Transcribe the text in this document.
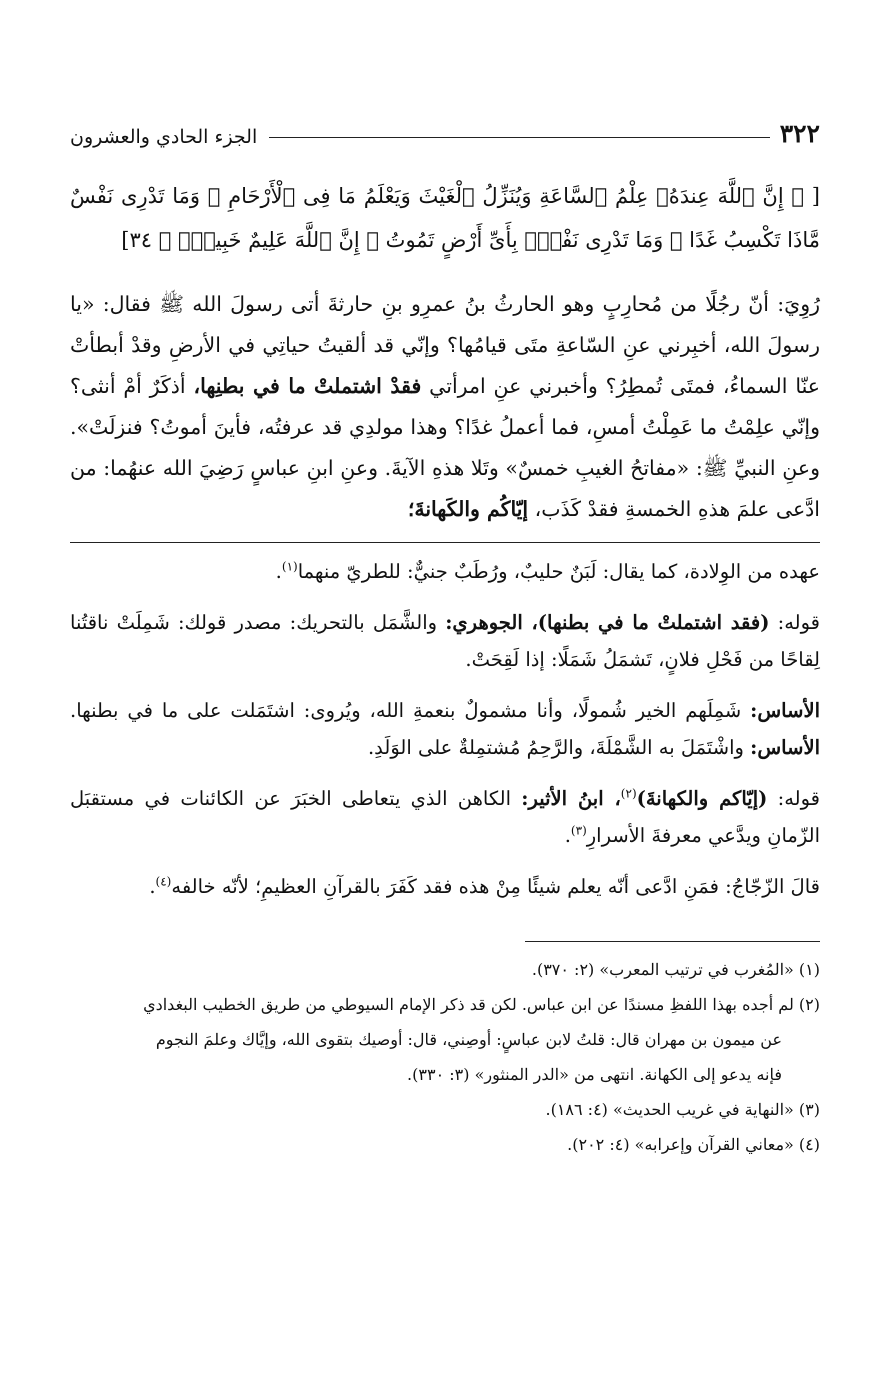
٣٢٢
الجزء الحادي والعشرون
[ ﴿ إِنَّ ٱللَّهَ عِندَهُۥ عِلْمُ ٱلسَّاعَةِ وَيُنَزِّلُ ٱلْغَيْثَ وَيَعْلَمُ مَا فِى ٱلْأَرْحَامِ ۖ وَمَا تَدْرِى نَفْسٌ مَّاذَا تَكْسِبُ غَدًا ۖ وَمَا تَدْرِى نَفْسٌۢ بِأَىِّ أَرْضٍ تَمُوتُ ۚ إِنَّ ٱللَّهَ عَلِيمٌ خَبِيرٌۢ ﴾ ٣٤]
رُوِيَ: أنّ رجُلًا من مُحارِبٍ وهو الحارثُ بنُ عمرِو بنِ حارثةَ أتى رسولَ الله ﷺ فقال: «يا رسولَ الله، أخبِرني عنِ السّاعةِ متَى قيامُها؟ وإنّي قد ألقيتُ حياتِي في الأرضِ وقدْ أبطأتْ عنّا السماءُ، فمتَى تُمطِرُ؟ وأخبرني عنِ امرأتي فقدْ اشتملتْ ما في بطنِها، أذكَرٌ أمْ أنثى؟ وإنّي علِمْتُ ما عَمِلْتُ أمسِ، فما أعملُ غدًا؟ وهذا مولدِي قد عرفتُه، فأينَ أموتُ؟ فنزلَتْ». وعنِ النبيِّ ﷺ: «مفاتحُ الغيبِ خمسٌ» وتَلا هذهِ الآيةَ. وعنِ ابنِ عباسٍ رَضِيَ الله عنهُما: من ادَّعى علمَ هذهِ الخمسةِ فقدْ كَذَب، إيّاكُم والكَهانةَ؛

عهده من الوِلادة، كما يقال: لَبَنٌ حليبٌ، ورُطَبٌ جنيٌّ: للطريّ منهما$^{(١)}$.

قوله: (فقد اشتملتْ ما في بطنها)، الجوهري: والشَّمَل بالتحريك: مصدر قولك: شَمِلَتْ ناقتُنا لِقاحًا من فَحْلِ فلانٍ، تَشمَلُ شَمَلًا: إذا لَقِحَتْ.

الأساس: شَمِلَهم الخير شُمولًا، وأنا مشمولٌ بنعمةِ الله، ويُروى: اشتَمَلت على ما في بطنها. الأساس: واشْتَمَلَ به الشَّمْلَةَ، والرَّحِمُ مُشتمِلةٌ على الوَلَدِ.

قوله: (إيّاكم والكهانةَ)$^{(٢)}$، ابنُ الأثير: الكاهن الذي يتعاطى الخبَرَ عن الكائنات في مستقبَل الزّمانِ ويدَّعي معرفةَ الأسرارِ$^{(٣)}$.

قالَ الزّجّاجُ: فمَنِ ادَّعى أنّه يعلم شيئًا مِنْ هذه فقد كَفَرَ بالقرآنِ العظيمِ؛ لأنّه خالفه$^{(٤)}$.

(١) «المُغرب في ترتيب المعرب» (٢: ٣٧٠).

(٢) لم أجده بهذا اللفظِ مسندًا عن ابن عباس. لكن قد ذكر الإمام السيوطي من طريق الخطيب البغدادي

عن ميمون بن مهران قال: قلتُ لابن عباسٍ: أوصِني، قال: أوصيك بتقوى الله، وإيَّاك وعلمَ النجوم

فإنه يدعو إلى الكهانة. انتهى من «الدر المنثور» (٣: ٣٣٠).

(٣) «النهاية في غريب الحديث» (٤: ١٨٦).

(٤) «معاني القرآن وإعرابه» (٤: ٢٠٢).
